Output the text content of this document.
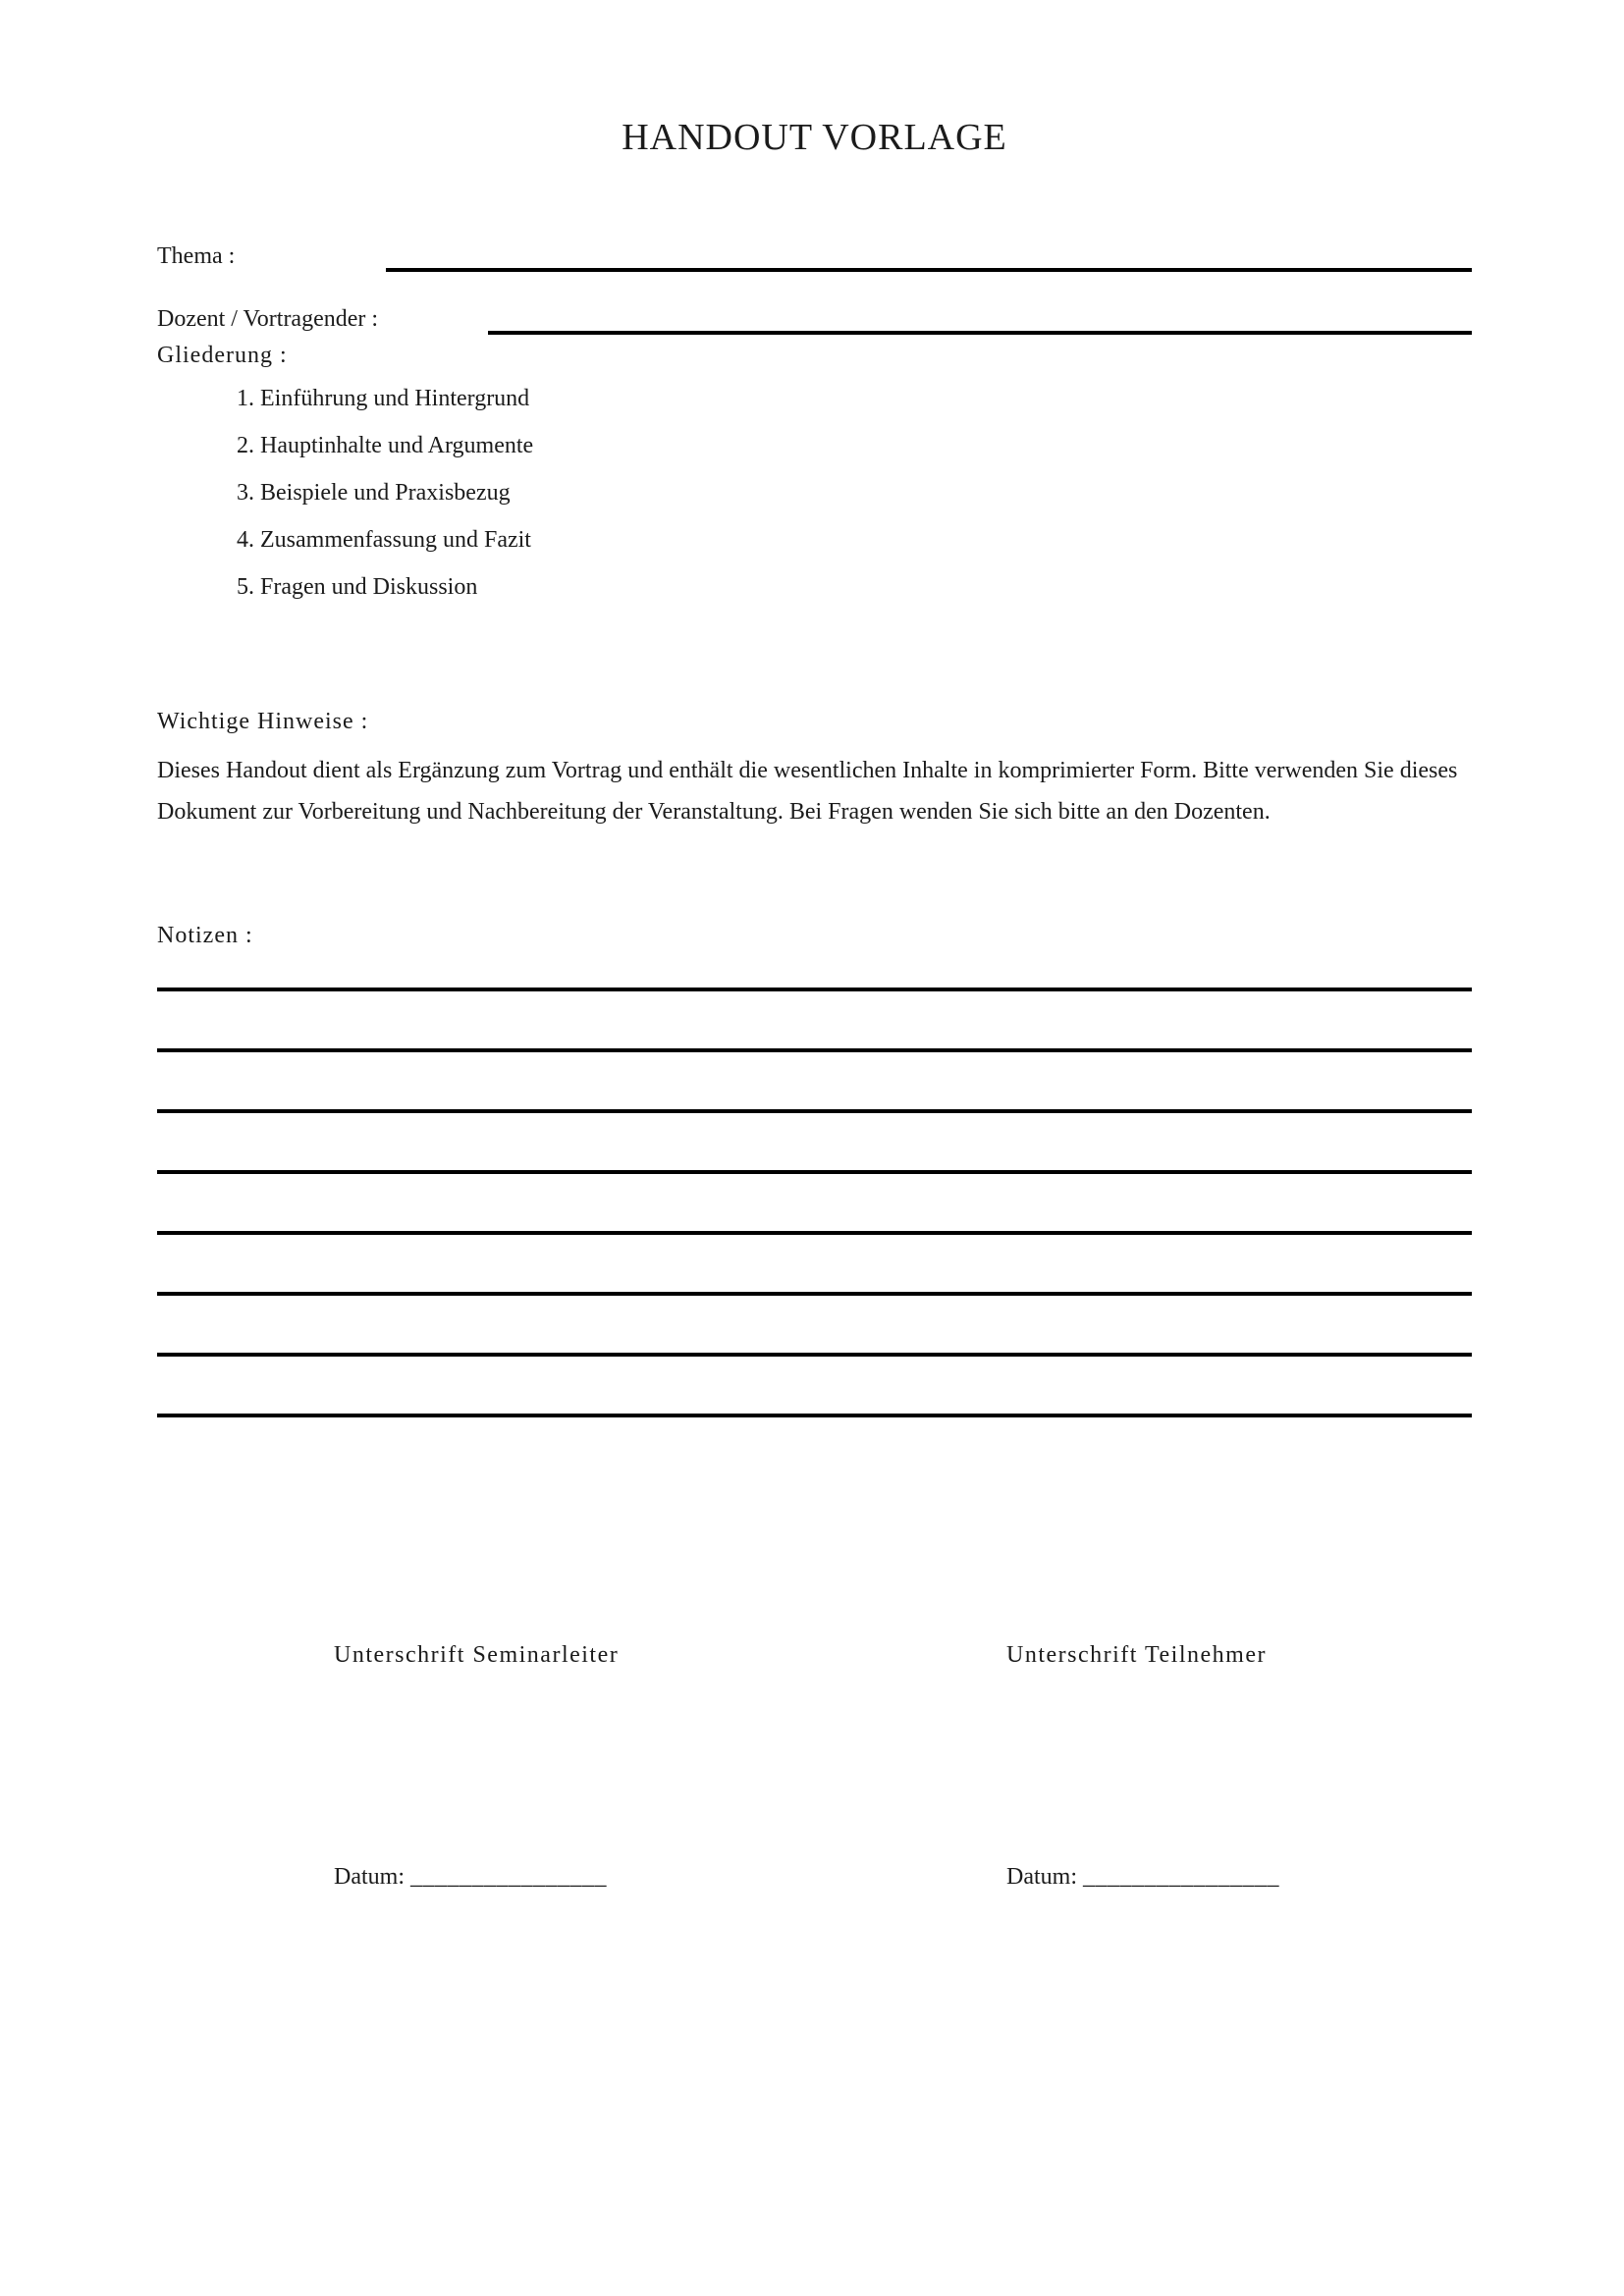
HANDOUT VORLAGE
Thema :
Dozent / Vortragender :
Gliederung :
1. Einführung und Hintergrund
2. Hauptinhalte und Argumente
3. Beispiele und Praxisbezug
4. Zusammenfassung und Fazit
5. Fragen und Diskussion
Wichtige Hinweise :

Dieses Handout dient als Ergänzung zum Vortrag und enthält die wesentlichen Inhalte in komprimierter Form. Bitte verwenden Sie dieses Dokument zur Vorbereitung und Nachbereitung der Veranstaltung. Bei Fragen wenden Sie sich bitte an den Dozenten.

Notizen :
Unterschrift Seminarleiter	Unterschrift Teilnehmer
Datum: ________________	Datum: ________________
